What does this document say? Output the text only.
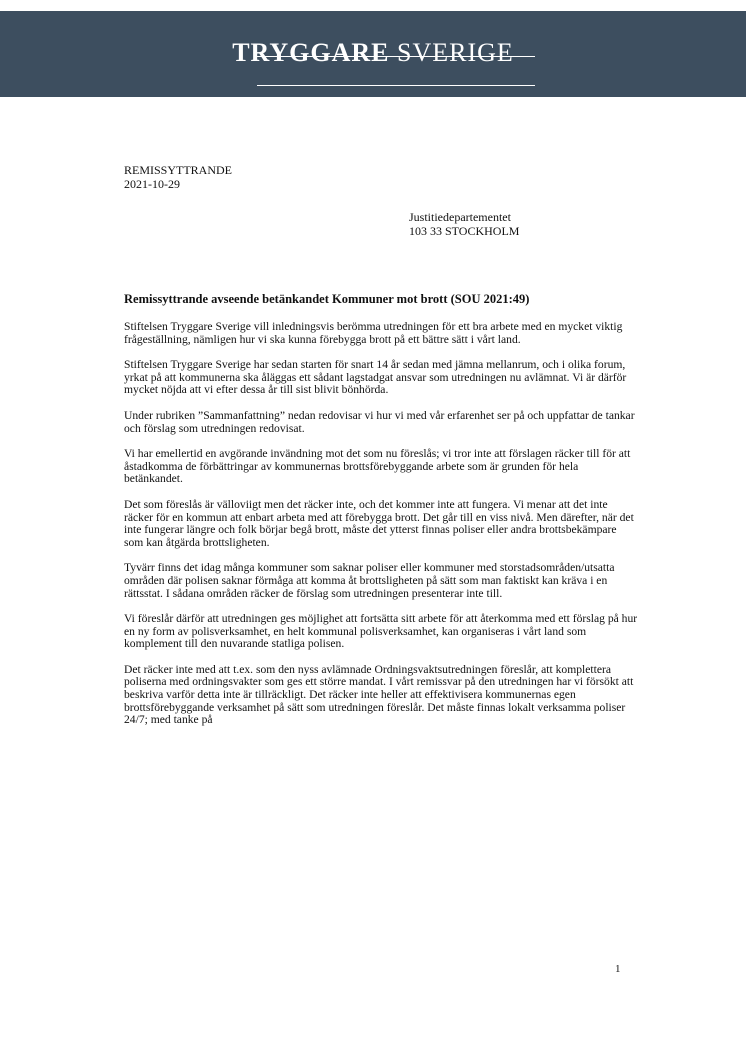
TRYGGARE SVERIGE
REMISSYTTRANDE
2021-10-29
Justitiedepartementet
103 33 STOCKHOLM
Remissyttrande avseende betänkandet Kommuner mot brott (SOU 2021:49)

Stiftelsen Tryggare Sverige vill inledningsvis berömma utredningen för ett bra arbete med en mycket viktig frågeställning, nämligen hur vi ska kunna förebygga brott på ett bättre sätt i vårt land.

Stiftelsen Tryggare Sverige har sedan starten för snart 14 år sedan med jämna mellanrum, och i olika forum, yrkat på att kommunerna ska åläggas ett sådant lagstadgat ansvar som utredningen nu avlämnat. Vi är därför mycket nöjda att vi efter dessa år till sist blivit bönhörda.

Under rubriken ”Sammanfattning” nedan redovisar vi hur vi med vår erfarenhet ser på och uppfattar de tankar och förslag som utredningen redovisat.

Vi har emellertid en avgörande invändning mot det som nu föreslås; vi tror inte att förslagen räcker till för att åstadkomma de förbättringar av kommunernas brottsförebyggande arbete som är grunden för hela betänkandet.

Det som föreslås är välloviigt men det räcker inte, och det kommer inte att fungera. Vi menar att det inte räcker för en kommun att enbart arbeta med att förebygga brott. Det går till en viss nivå. Men därefter, när det inte fungerar längre och folk börjar begå brott, måste det ytterst finnas poliser eller andra brottsbekämpare som kan åtgärda brottsligheten.

Tyvärr finns det idag många kommuner som saknar poliser eller kommuner med storstadsområden/utsatta områden där polisen saknar förmåga att komma åt brottsligheten på sätt som man faktiskt kan kräva i en rättsstat. I sådana områden räcker de förslag som utredningen presenterar inte till.

Vi föreslår därför att utredningen ges möjlighet att fortsätta sitt arbete för att återkomma med ett förslag på hur en ny form av polisverksamhet, en helt kommunal polisverksamhet, kan organiseras i vårt land som komplement till den nuvarande statliga polisen.

Det räcker inte med att t.ex. som den nyss avlämnade Ordningsvaktsutredningen föreslår, att komplettera poliserna med ordningsvakter som ges ett större mandat. I vårt remissvar på den utredningen har vi försökt att beskriva varför detta inte är tillräckligt. Det räcker inte heller att effektivisera kommunernas egen brottsförebyggande verksamhet på sätt som utredningen föreslår. Det måste finnas lokalt verksamma poliser 24/7; med tanke på

1
